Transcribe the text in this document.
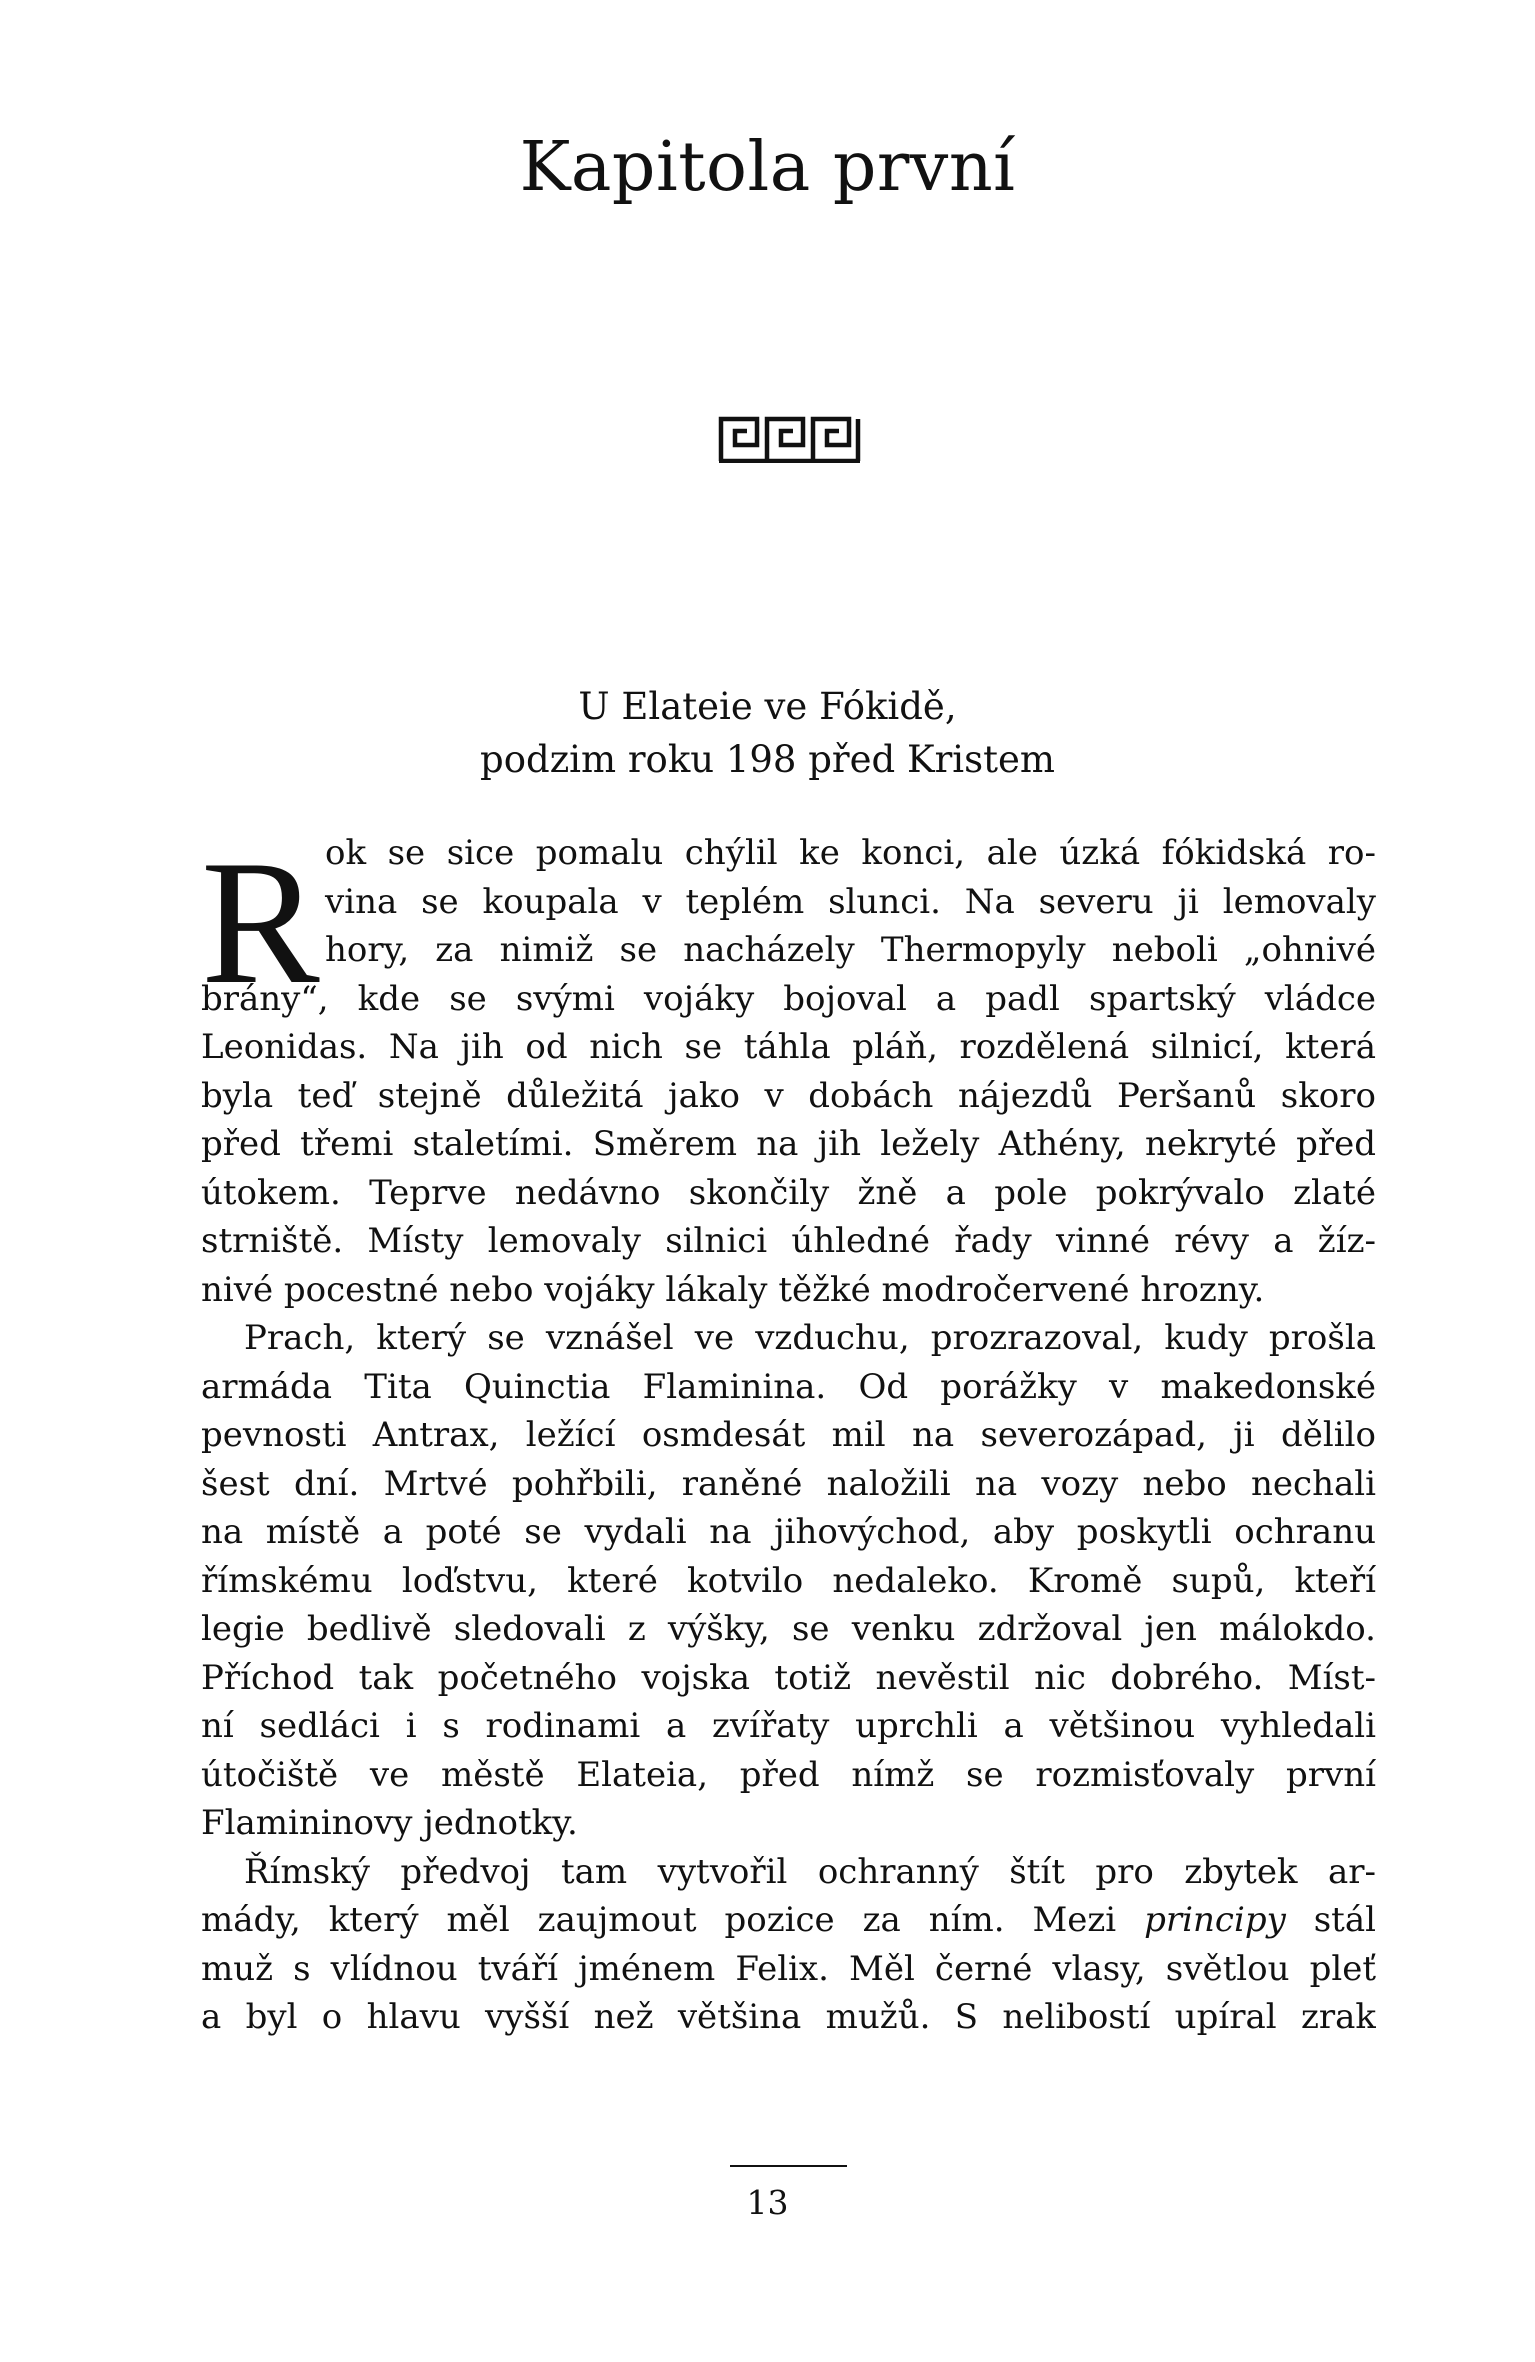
Kapitola první
U Elateie ve Fókidě,
podzim roku 198 před Kristem
R ok se sice pomalu chýlil ke konci, ale úzká fókidská ro-
vina se koupala v teplém slunci. Na severu ji lemovaly
hory, za nimiž se nacházely Thermopyly neboli „ohnivé
brány“, kde se svými vojáky bojoval a padl spartský vládce
Leonidas. Na jih od nich se táhla pláň, rozdělená silnicí, která
byla teď stejně důležitá jako v dobách nájezdů Peršanů skoro
před třemi staletími. Směrem na jih ležely Athény, nekryté před
útokem. Teprve nedávno skončily žně a pole pokrývalo zlaté
strniště. Místy lemovaly silnici úhledné řady vinné révy a žíz-
nivé pocestné nebo vojáky lákaly těžké modročervené hrozny.
Prach, který se vznášel ve vzduchu, prozrazoval, kudy prošla
armáda Tita Quinctia Flaminina. Od porážky v makedonské
pevnosti Antrax, ležící osmdesát mil na severozápad, ji dělilo
šest dní. Mrtvé pohřbili, raněné naložili na vozy nebo nechali
na místě a poté se vydali na jihovýchod, aby poskytli ochranu
římskému loďstvu, které kotvilo nedaleko. Kromě supů, kteří
legie bedlivě sledovali z výšky, se venku zdržoval jen málokdo.
Příchod tak početného vojska totiž nevěstil nic dobrého. Míst-
ní sedláci i s rodinami a zvířaty uprchli a většinou vyhledali
útočiště ve městě Elateia, před nímž se rozmisťovaly první
Flamininovy jednotky.
Římský předvoj tam vytvořil ochranný štít pro zbytek ar-
mády, který měl zaujmout pozice za ním. Mezi principy stál
muž s vlídnou tváří jménem Felix. Měl černé vlasy, světlou pleť
a byl o hlavu vyšší než většina mužů. S nelibostí upíral zrak
13
